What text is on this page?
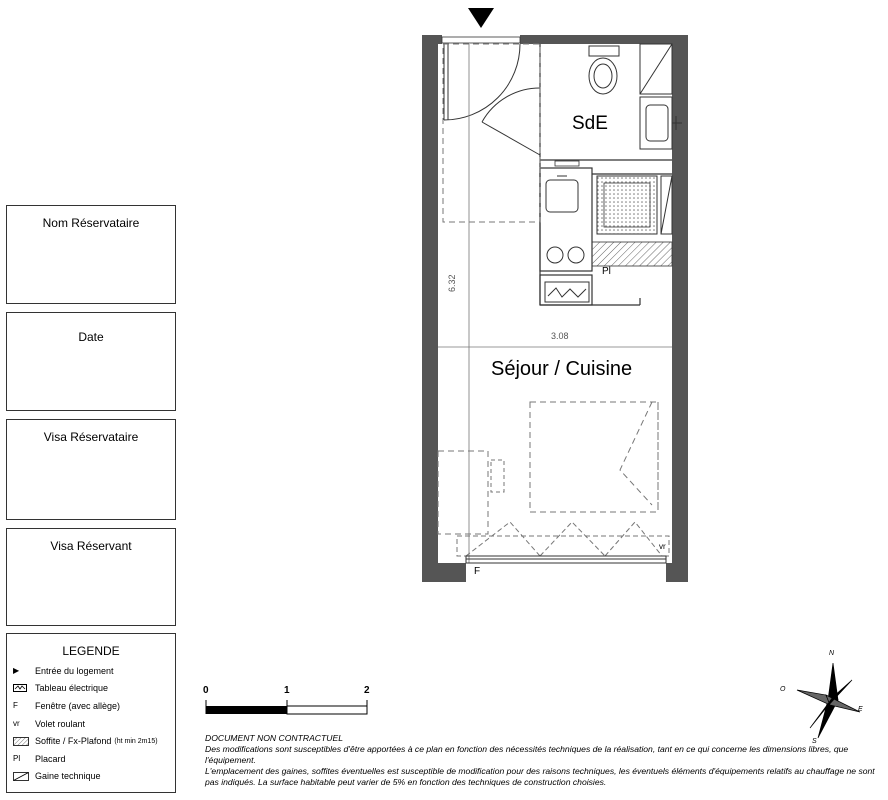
Nom Réservataire
Date
Visa Réservataire
Visa Réservant
LEGENDE
▶	Entrée du logement
Tableau électrique
F	Fenêtre (avec allège)
vr	Volet roulant
Soffite / Fx-Plafond (ht min 2m15)
Pl	Placard
Gaine technique
SdE
Séjour / Cuisine
6.32
3.08
Pl
F
vr
0	1	2
N
S
E
O
DOCUMENT NON CONTRACTUEL
Des modifications sont susceptibles d'être apportées à ce plan en fonction des nécessités techniques de la réalisation, tant en ce qui concerne les dimensions libres, que l'équipement.
L'emplacement des gaines, soffites éventuelles est susceptible de modification pour des raisons techniques, les éventuels éléments d'équipements relatifs au chauffage ne sont pas indiqués. La surface habitable peut varier de 5% en fonction des techniques de construction choisies.
